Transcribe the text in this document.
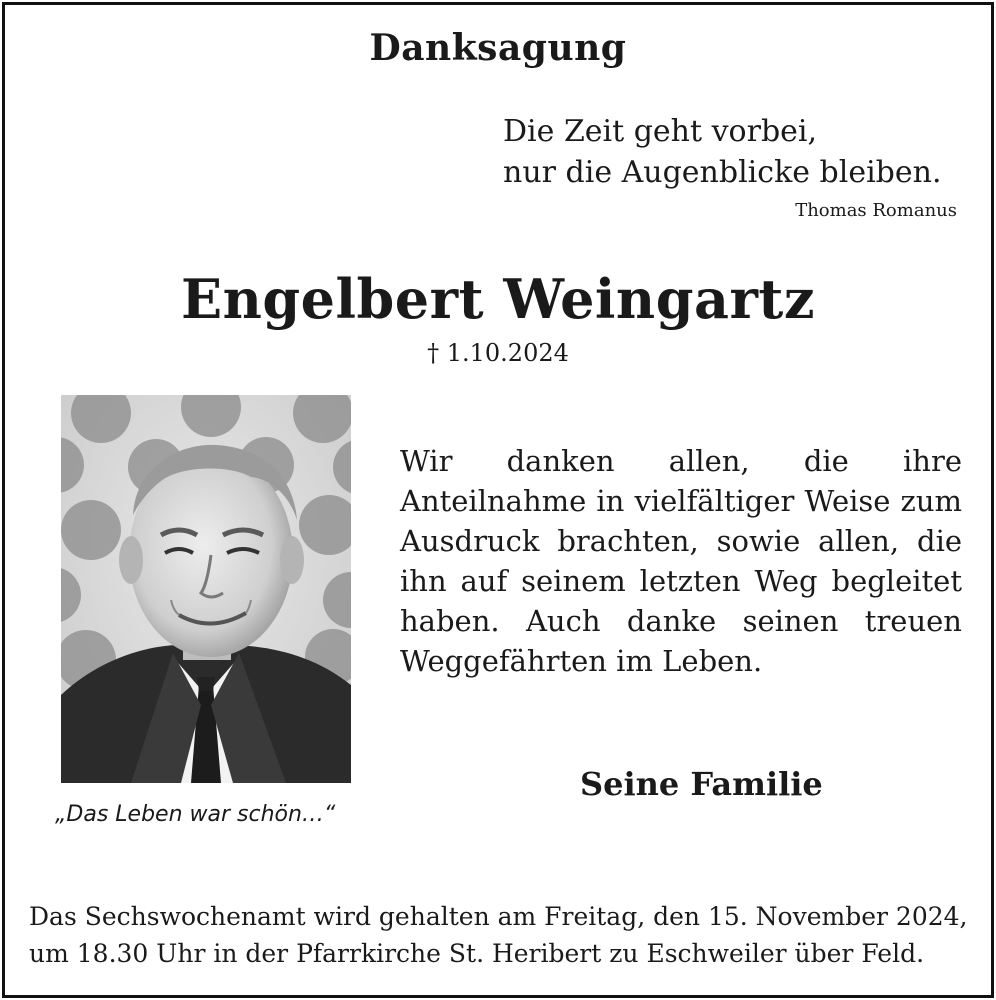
Danksagung
Die Zeit geht vorbei,
nur die Augenblicke bleiben.
Thomas Romanus
Engelbert Weingartz
† 1.10.2024
„Das Leben war schön…“
Wir danken allen, die ihre Anteilnahme in vielfältiger Weise zum Ausdruck brachten, sowie allen, die ihn auf seinem letzten Weg begleitet haben. Auch danke seinen treuen Weggefährten im Leben.
Seine Familie
Das Sechswochenamt wird gehalten am Freitag, den 15. November 2024,
um 18.30 Uhr in der Pfarrkirche St. Heribert zu Eschweiler über Feld.
